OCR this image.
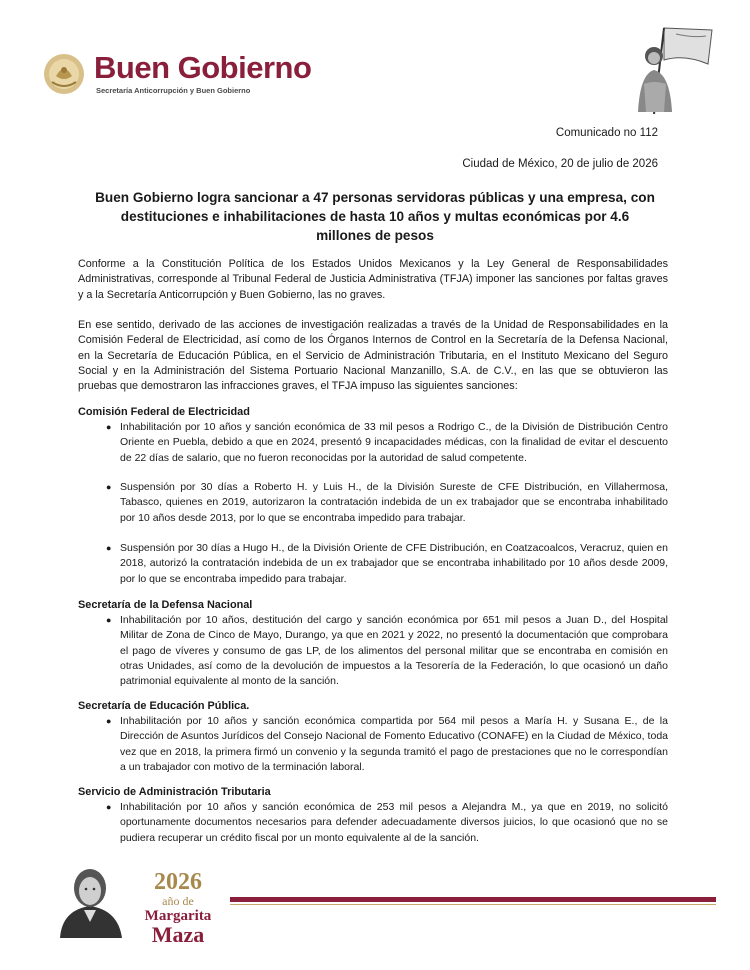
Buen Gobierno
Secretaría Anticorrupción y Buen Gobierno
Comunicado no 112
Ciudad de México, 20 de julio de 2026
Buen Gobierno logra sancionar a 47 personas servidoras públicas y una empresa, con destituciones e inhabilitaciones de hasta 10 años y multas económicas por 4.6 millones de pesos
Conforme a la Constitución Política de los Estados Unidos Mexicanos y la Ley General de Responsabilidades Administrativas, corresponde al Tribunal Federal de Justicia Administrativa (TFJA) imponer las sanciones por faltas graves y a la Secretaría Anticorrupción y Buen Gobierno, las no graves.
En ese sentido, derivado de las acciones de investigación realizadas a través de la Unidad de Responsabilidades en la Comisión Federal de Electricidad, así como de los Órganos Internos de Control en la Secretaría de la Defensa Nacional, en la Secretaría de Educación Pública, en el Servicio de Administración Tributaria, en el Instituto Mexicano del Seguro Social y en la Administración del Sistema Portuario Nacional Manzanillo, S.A. de C.V., en las que se obtuvieron las pruebas que demostraron las infracciones graves, el TFJA impuso las siguientes sanciones:
Comisión Federal de Electricidad
● Inhabilitación por 10 años y sanción económica de 33 mil pesos a Rodrigo C., de la División de Distribución Centro Oriente en Puebla, debido a que en 2024, presentó 9 incapacidades médicas, con la finalidad de evitar el descuento de 22 días de salario, que no fueron reconocidas por la autoridad de salud competente.
● Suspensión por 30 días a Roberto H. y Luis H., de la División Sureste de CFE Distribución, en Villahermosa, Tabasco, quienes en 2019, autorizaron la contratación indebida de un ex trabajador que se encontraba inhabilitado por 10 años desde 2013, por lo que se encontraba impedido para trabajar.
● Suspensión por 30 días a Hugo H., de la División Oriente de CFE Distribución, en Coatzacoalcos, Veracruz, quien en 2018, autorizó la contratación indebida de un ex trabajador que se encontraba inhabilitado por 10 años desde 2009, por lo que se encontraba impedido para trabajar.
Secretaría de la Defensa Nacional
● Inhabilitación por 10 años, destitución del cargo y sanción económica por 651 mil pesos a Juan D., del Hospital Militar de Zona de Cinco de Mayo, Durango, ya que en 2021 y 2022, no presentó la documentación que comprobara el pago de víveres y consumo de gas LP, de los alimentos del personal militar que se encontraba en comisión en otras Unidades, así como de la devolución de impuestos a la Tesorería de la Federación, lo que ocasionó un daño patrimonial equivalente al monto de la sanción.
Secretaría de Educación Pública.
● Inhabilitación por 10 años y sanción económica compartida por 564 mil pesos a María H. y Susana E., de la Dirección de Asuntos Jurídicos del Consejo Nacional de Fomento Educativo (CONAFE) en la Ciudad de México, toda vez que en 2018, la primera firmó un convenio y la segunda tramitó el pago de prestaciones que no le correspondían a un trabajador con motivo de la terminación laboral.
Servicio de Administración Tributaria
● Inhabilitación por 10 años y sanción económica de 253 mil pesos a Alejandra M., ya que en 2019, no solicitó oportunamente documentos necesarios para defender adecuadamente diversos juicios, lo que ocasionó que no se pudiera recuperar un crédito fiscal por un monto equivalente al de la sanción.
2026
año de
Margarita
Maza
